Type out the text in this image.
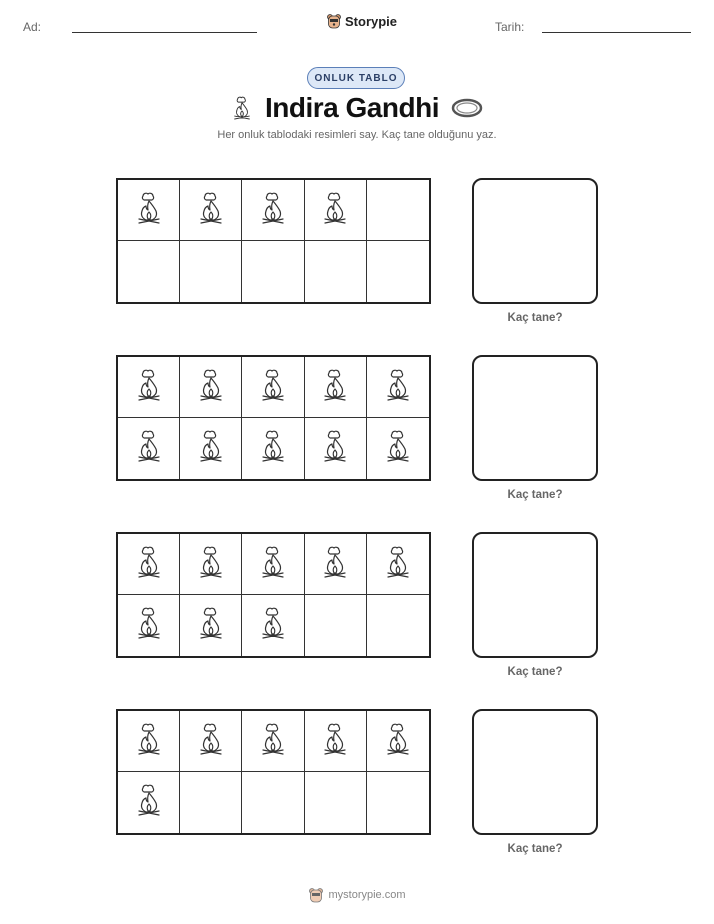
Ad:	Storypie	Tarih:
ONLUK TABLO
Indira Gandhi
Her onluk tablodaki resimleri say. Kaç tane olduğunu yaz.
Kaç tane?
Kaç tane?
Kaç tane?
Kaç tane?
mystorypie.com
